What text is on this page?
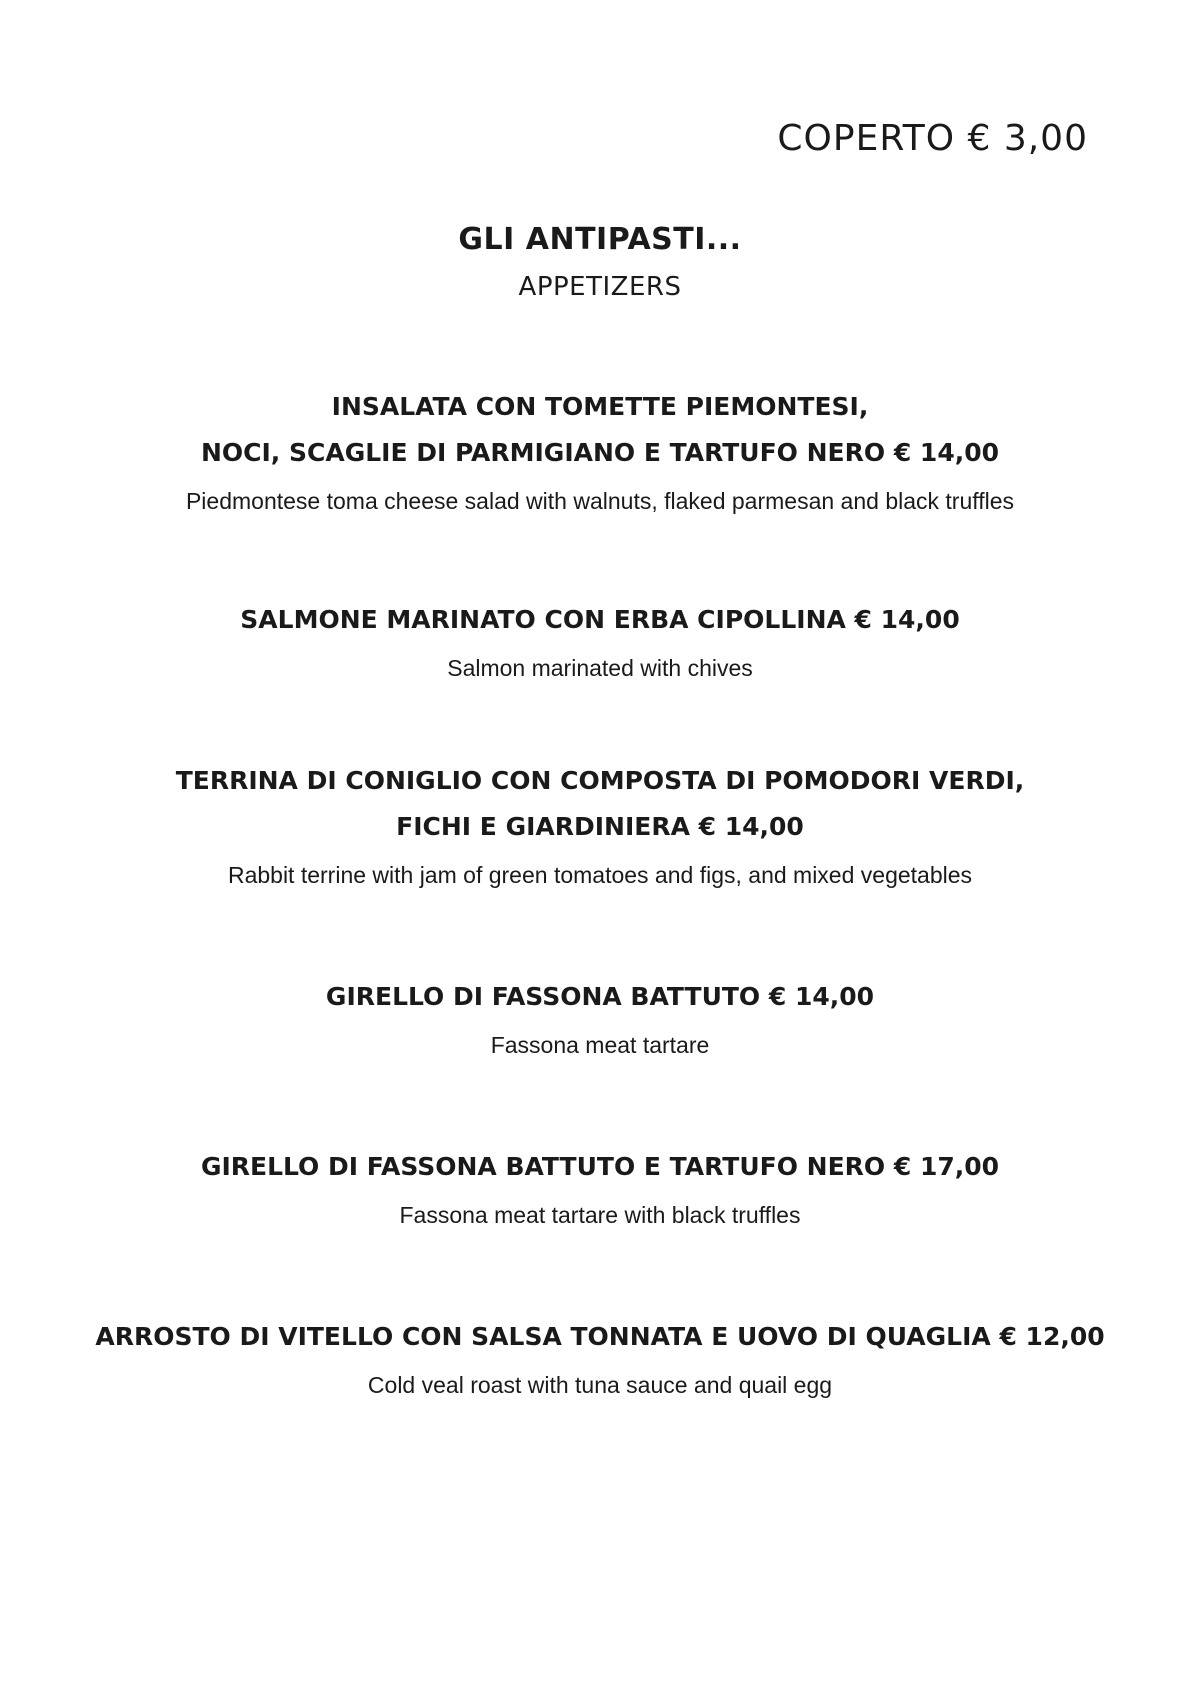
COPERTO € 3,00
GLI ANTIPASTI...
APPETIZERS
INSALATA CON TOMETTE PIEMONTESI,
NOCI, SCAGLIE DI PARMIGIANO E TARTUFO NERO € 14,00
Piedmontese toma cheese salad with walnuts, flaked parmesan and black truffles
SALMONE MARINATO CON ERBA CIPOLLINA € 14,00
Salmon marinated with chives
TERRINA DI CONIGLIO CON COMPOSTA DI POMODORI VERDI,
FICHI E GIARDINIERA € 14,00
Rabbit terrine with jam of green tomatoes and figs, and mixed vegetables
GIRELLO DI FASSONA BATTUTO € 14,00
Fassona meat tartare
GIRELLO DI FASSONA BATTUTO E TARTUFO NERO € 17,00
Fassona meat tartare with black truffles
ARROSTO DI VITELLO CON SALSA TONNATA E UOVO DI QUAGLIA € 12,00
Cold veal roast with tuna sauce and quail egg
